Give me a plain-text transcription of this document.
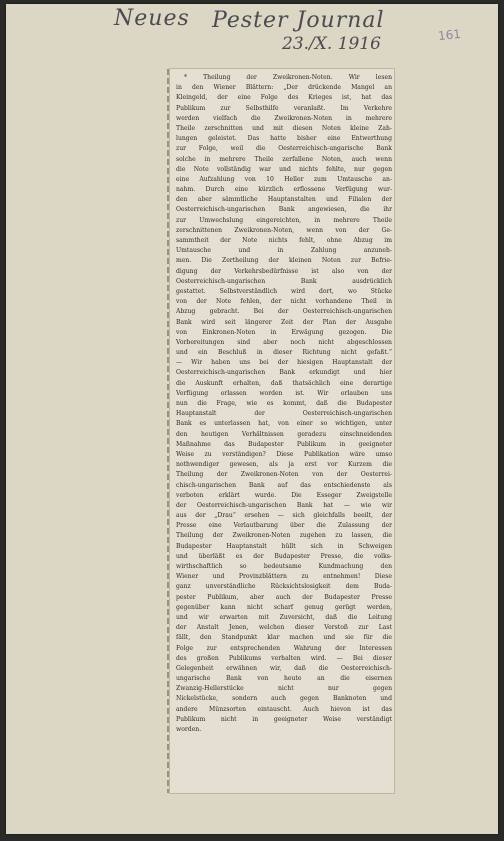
Neues Pester Journal
23./X. 1916	161
* Theilung der Zweikronen-Noten. Wir lesen
in den Wiener Blättern: „Der drückende Mangel an
Kleingeld, der eine Folge des Krieges ist, hat das
Publikum zur Selbsthilfe veranlaßt. Im Verkehre
werden vielfach die Zweikronen-Noten in mehrere
Theile zerschnitten und mit diesen Noten kleine Zah-
lungen geleistet. Das hatte bisher eine Entwerthung
zur Folge, weil die Oesterreichisch-ungarische Bank
solche in mehrere Theile zerfallene Noten, auch wenn
die Note vollständig war und nichts fehlte, nur gegen
eine Aufzahlung von 10 Heller zum Umtausche an-
nahm. Durch eine kürzlich erflossene Verfügung wur-
den aber sämmtliche Hauptanstalten und Filialen der
Oesterreichisch-ungarischen Bank angewiesen, die ihr
zur Umwechslung eingereichten, in mehrere Theile
zerschnittenen Zweikronen-Noten, wenn von der Ge-
sammtheit der Note nichts fehlt, ohne Abzug im
Umtausche und in Zahlung anzuneh-
men. Die Zertheilung der kleinen Noten zur Befrie-
digung der Verkehrsbedürfnisse ist also von der
Oesterreichisch-ungarischen Bank ausdrücklich
gestattet. Selbstverständlich wird dort, wo Stücke
von der Note fehlen, der nicht vorhandene Theil in
Abzug gebracht. Bei der Oesterreichisch-ungarischen
Bank wird seit längerer Zeit der Plan der Ausgabe
von Einkronen-Noten in Erwägung gezogen. Die
Vorbereitungen sind aber noch nicht abgeschlossen
und ein Beschluß in dieser Richtung nicht gefaßt.“
— Wir haben uns bei der hiesigen Hauptanstalt der
Oesterreichisch-ungarischen Bank erkundigt und hier
die Auskunft erhalten, daß thatsächlich eine derartige
Verfügung erlassen worden ist. Wir erlauben uns
nun die Frage, wie es kommt, daß die Budapester
Hauptanstalt der Oesterreichisch-ungarischen
Bank es unterlassen hat, von einer so wichtigen, unter
den heutigen Verhältnissen geradezu einschneidenden
Maßnahme das Budapester Publikum in geeigneter
Weise zu verständigen? Diese Publikation wäre umso
nothwendiger gewesen, als ja erst vor Kurzem die
Theilung der Zweikronen-Noten von der Oesterrei-
chisch-ungarischen Bank auf das entschiedenste als
verboten erklärt wurde. Die Esseger Zweigstelle
der Oesterreichisch-ungarischen Bank hat — wie wir
aus der „Drau“ ersehen — sich gleichfalls beeilt, der
Presse eine Verlautbarung über die Zulassung der
Theilung der Zweikronen-Noten zugehen zu lassen, die
Budapester Hauptanstalt hüllt sich in Schweigen
und überläßt es der Budapester Presse, die volks-
wirthschaftlich so bedeutsame Kundmachung den
Wiener und Provinzblättern zu entnehmen! Diese
ganz unverständliche Rücksichtslosigkeit dem Buda-
pester Publikum, aber auch der Budapester Presse
gegenüber kann nicht scharf genug gerügt werden,
und wir erwarten mit Zuversicht, daß die Leitung
der Anstalt Jenen, welchen dieser Verstoß zur Last
fällt, den Standpunkt klar machen und sie für die
Folge zur entsprechenden Wahrung der Interessen
des großen Publikums verhalten wird. — Bei dieser
Gelegenheit erwähnen wir, daß die Oesterreichisch-
ungarische Bank von heute an die eisernen
Zwanzig-Hellerstücke nicht nur gegen
Nickelstücke, sondern auch gegen Banknoten und
andere Münzsorten eintauscht. Auch hievon ist das
Publikum nicht in geeigneter Weise verständigt
worden.
